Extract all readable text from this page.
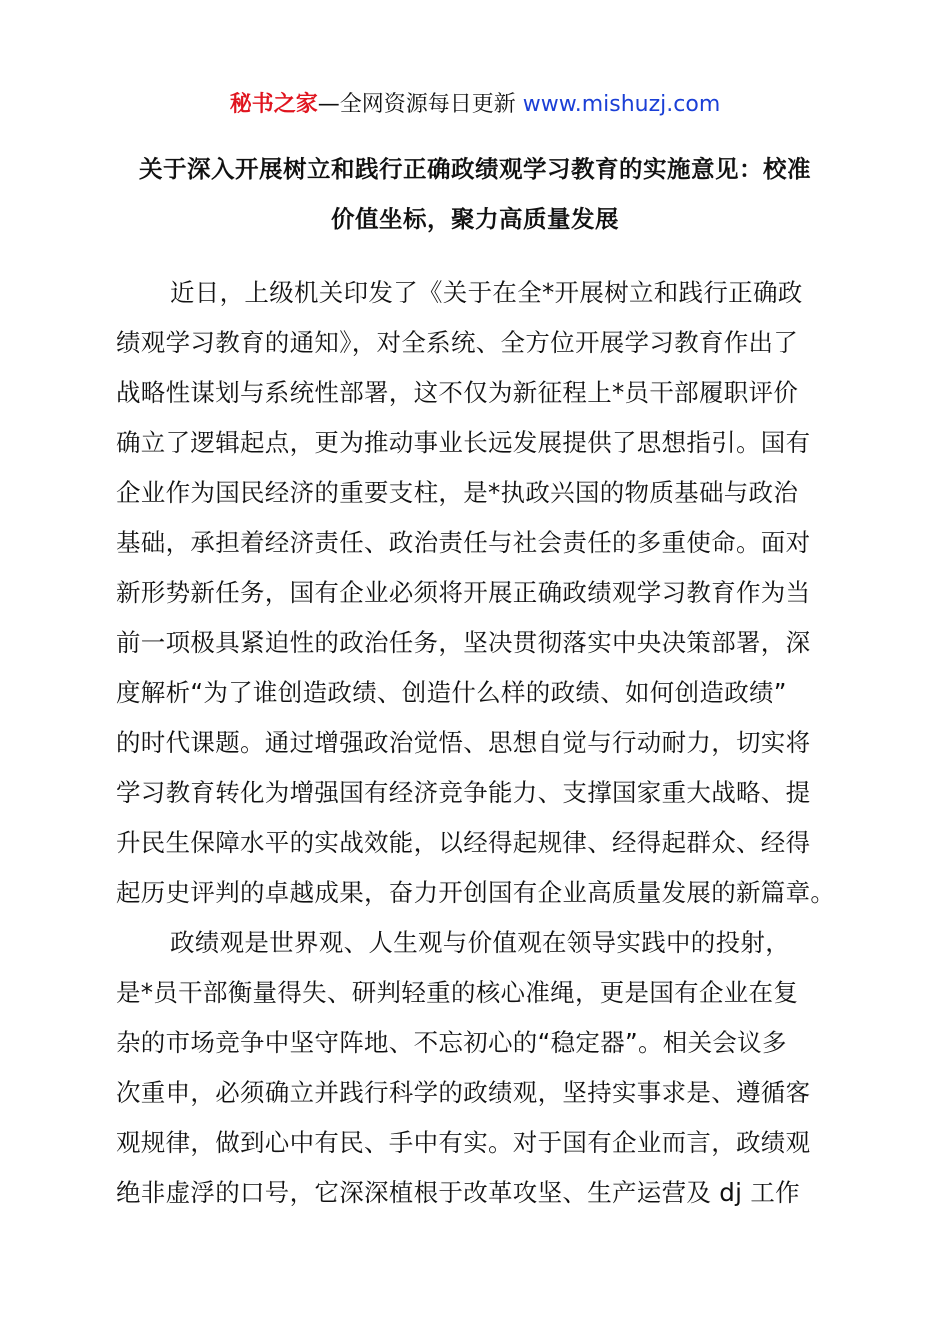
秘书之家—全网资源每日更新 www.mishuzj.com
关于深入开展树立和践行正确政绩观学习教育的实施意见：校准
价值坐标，聚力高质量发展
近日，上级机关印发了《关于在全*开展树立和践行正确政
绩观学习教育的通知》，对全系统、全方位开展学习教育作出了
战略性谋划与系统性部署，这不仅为新征程上*员干部履职评价
确立了逻辑起点，更为推动事业长远发展提供了思想指引。国有
企业作为国民经济的重要支柱，是*执政兴国的物质基础与政治
基础，承担着经济责任、政治责任与社会责任的多重使命。面对
新形势新任务，国有企业必须将开展正确政绩观学习教育作为当
前一项极具紧迫性的政治任务，坚决贯彻落实中央决策部署，深
度解析“为了谁创造政绩、创造什么样的政绩、如何创造政绩”
的时代课题。通过增强政治觉悟、思想自觉与行动耐力，切实将
学习教育转化为增强国有经济竞争能力、支撑国家重大战略、提
升民生保障水平的实战效能，以经得起规律、经得起群众、经得
起历史评判的卓越成果，奋力开创国有企业高质量发展的新篇章。
政绩观是世界观、人生观与价值观在领导实践中的投射，
是*员干部衡量得失、研判轻重的核心准绳，更是国有企业在复
杂的市场竞争中坚守阵地、不忘初心的“稳定器”。相关会议多
次重申，必须确立并践行科学的政绩观，坚持实事求是、遵循客
观规律，做到心中有民、手中有实。对于国有企业而言，政绩观
绝非虚浮的口号，它深深植根于改革攻坚、生产运营及 dj 工作
